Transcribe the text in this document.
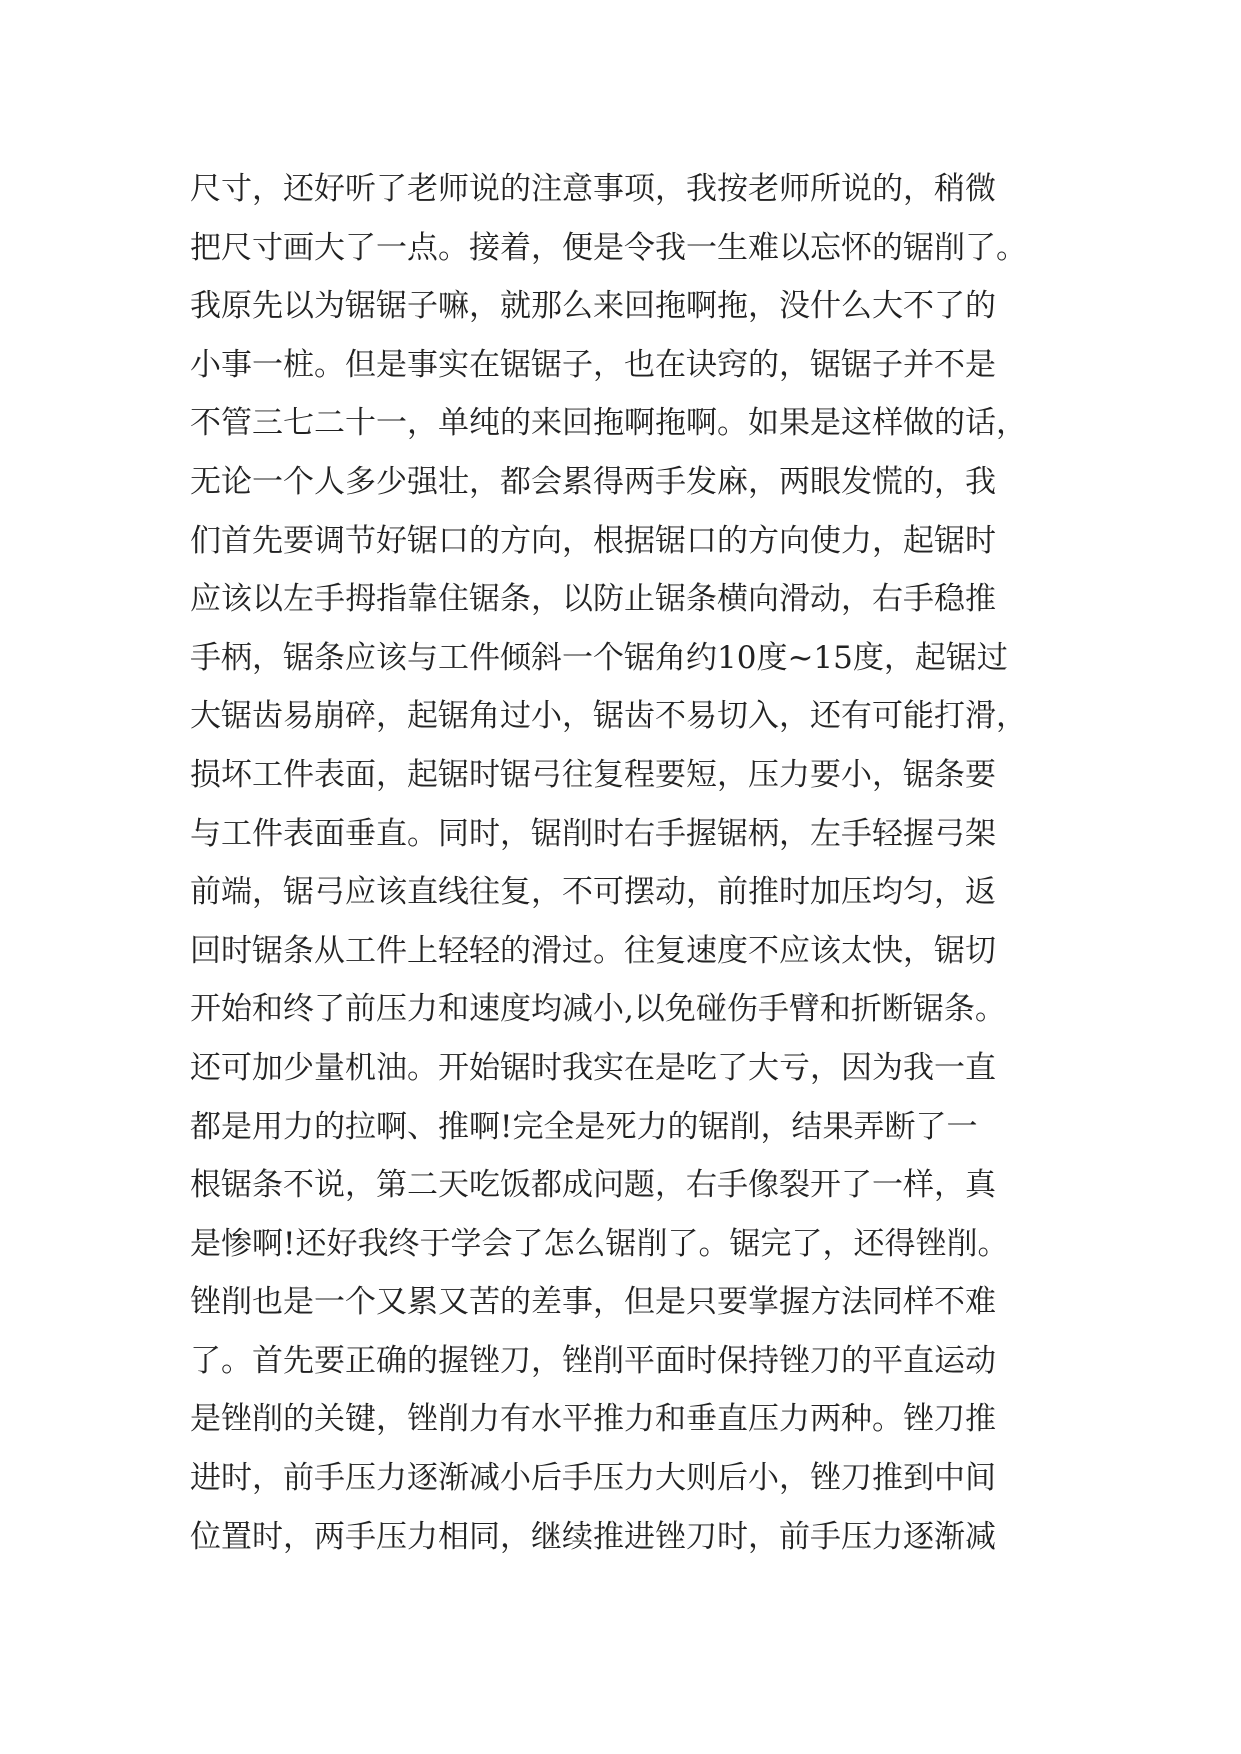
尺寸，还好听了老师说的注意事项，我按老师所说的，稍微
把尺寸画大了一点。接着，便是令我一生难以忘怀的锯削了。
我原先以为锯锯子嘛，就那么来回拖啊拖，没什么大不了的
小事一桩。但是事实在锯锯子，也在诀窍的，锯锯子并不是
不管三七二十一，单纯的来回拖啊拖啊。如果是这样做的话，
无论一个人多少强壮，都会累得两手发麻，两眼发慌的，我
们首先要调节好锯口的方向，根据锯口的方向使力，起锯时
应该以左手拇指靠住锯条，以防止锯条横向滑动，右手稳推
手柄，锯条应该与工件倾斜一个锯角约10度~15度，起锯过
大锯齿易崩碎，起锯角过小，锯齿不易切入，还有可能打滑，
损坏工件表面，起锯时锯弓往复程要短，压力要小，锯条要
与工件表面垂直。同时，锯削时右手握锯柄，左手轻握弓架
前端，锯弓应该直线往复，不可摆动，前推时加压均匀，返
回时锯条从工件上轻轻的滑过。往复速度不应该太快，锯切
开始和终了前压力和速度均减小,以免碰伤手臂和折断锯条。
还可加少量机油。开始锯时我实在是吃了大亏，因为我一直
都是用力的拉啊、推啊!完全是死力的锯削，结果弄断了一
根锯条不说，第二天吃饭都成问题，右手像裂开了一样，真
是惨啊!还好我终于学会了怎么锯削了。锯完了，还得锉削。
锉削也是一个又累又苦的差事，但是只要掌握方法同样不难
了。首先要正确的握锉刀，锉削平面时保持锉刀的平直运动
是锉削的关键，锉削力有水平推力和垂直压力两种。锉刀推
进时，前手压力逐渐减小后手压力大则后小，锉刀推到中间
位置时，两手压力相同，继续推进锉刀时，前手压力逐渐减
